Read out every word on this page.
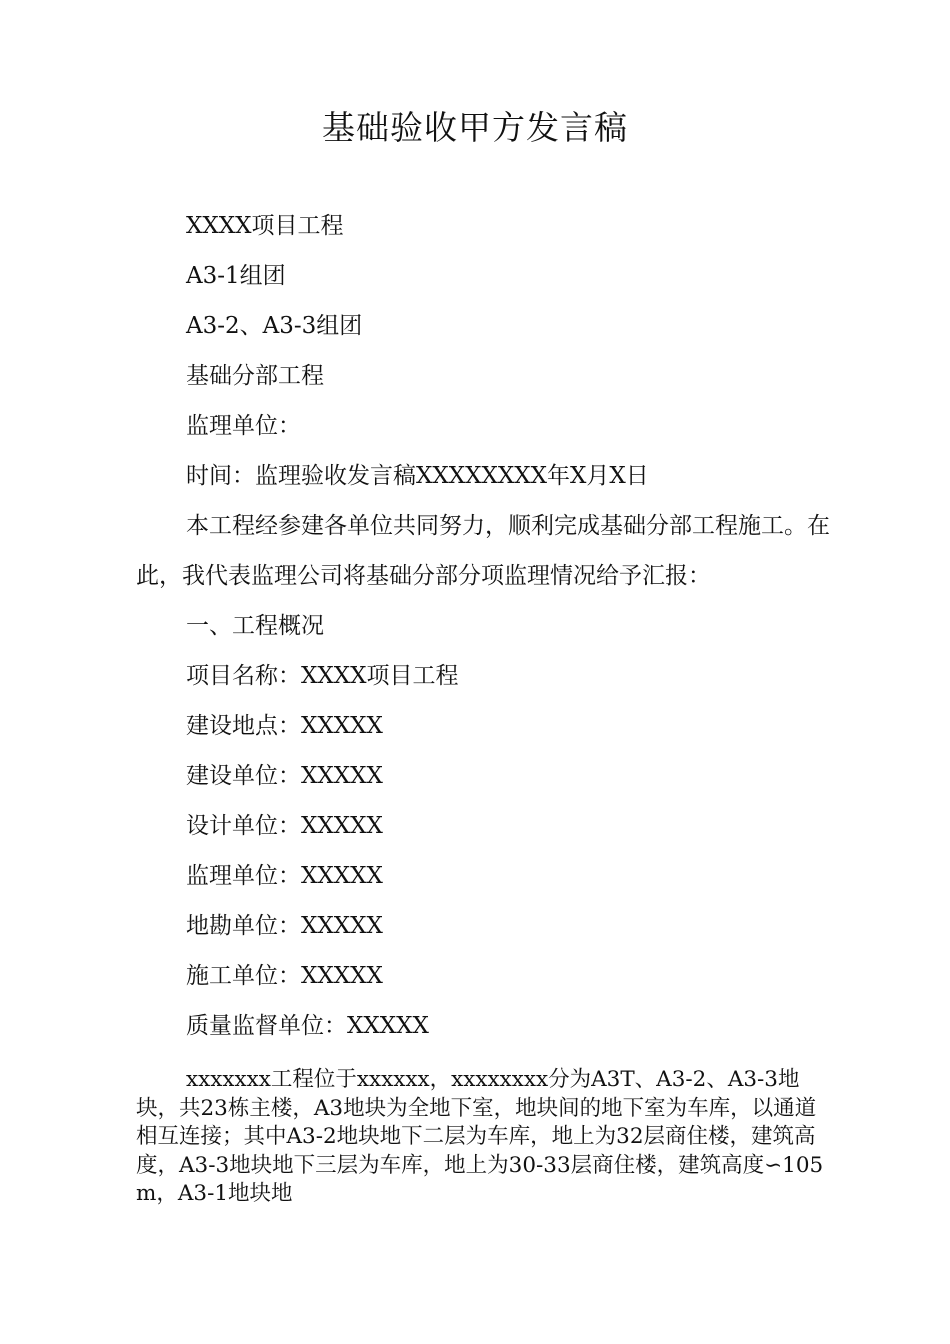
基础验收甲方发言稿
XXXX项目工程
A3-1组团
A3-2、A3-3组团
基础分部工程
监理单位：
时间：监理验收发言稿XXXXXXXX年X月X日
本工程经参建各单位共同努力，顺利完成基础分部工程施工。在此，我代表监理公司将基础分部分项监理情况给予汇报：
一、工程概况
项目名称：XXXX项目工程
建设地点：XXXXX
建设单位：XXXXX
设计单位：XXXXX
监理单位：XXXXX
地勘单位：XXXXX
施工单位：XXXXX
质量监督单位：XXXXX
xxxxxxx工程位于xxxxxx，xxxxxxxx分为A3T、A3-2、A3-3地块，共23栋主楼，A3地块为全地下室，地块间的地下室为车库，以通道相互连接；其中A3-2地块地下二层为车库，地上为32层商住楼，建筑高度，A3-3地块地下三层为车库，地上为30-33层商住楼，建筑高度∽105m，A3-1地块地
